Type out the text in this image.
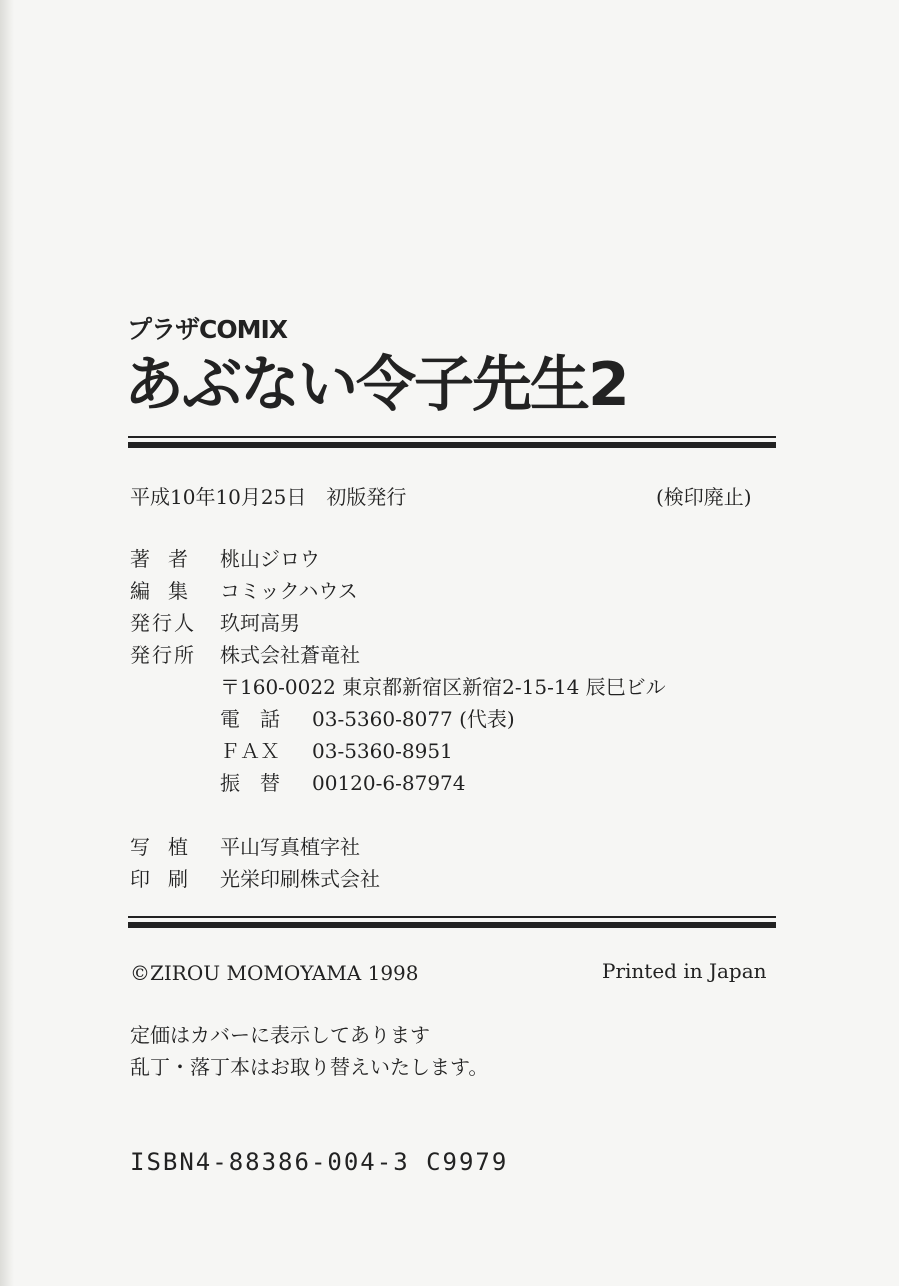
プラザCOMIX
あぶない令子先生2
平成10年10月25日　初版発行	(検印廃止)
著者 桃山ジロウ
編集 コミックハウス
発行人 玖珂高男
発行所 株式会社蒼竜社
〒160-0022 東京都新宿区新宿2-15-14 辰巳ビル
電　話 03-5360-8077 (代表)
ＦＡＸ 03-5360-8951
振　替 00120-6-87974
写植 平山写真植字社
印刷 光栄印刷株式会社
©ZIROU MOMOYAMA 1998	Printed in Japan
定価はカバーに表示してあります
乱丁・落丁本はお取り替えいたします。
ISBN4-88386-004-3 C9979
